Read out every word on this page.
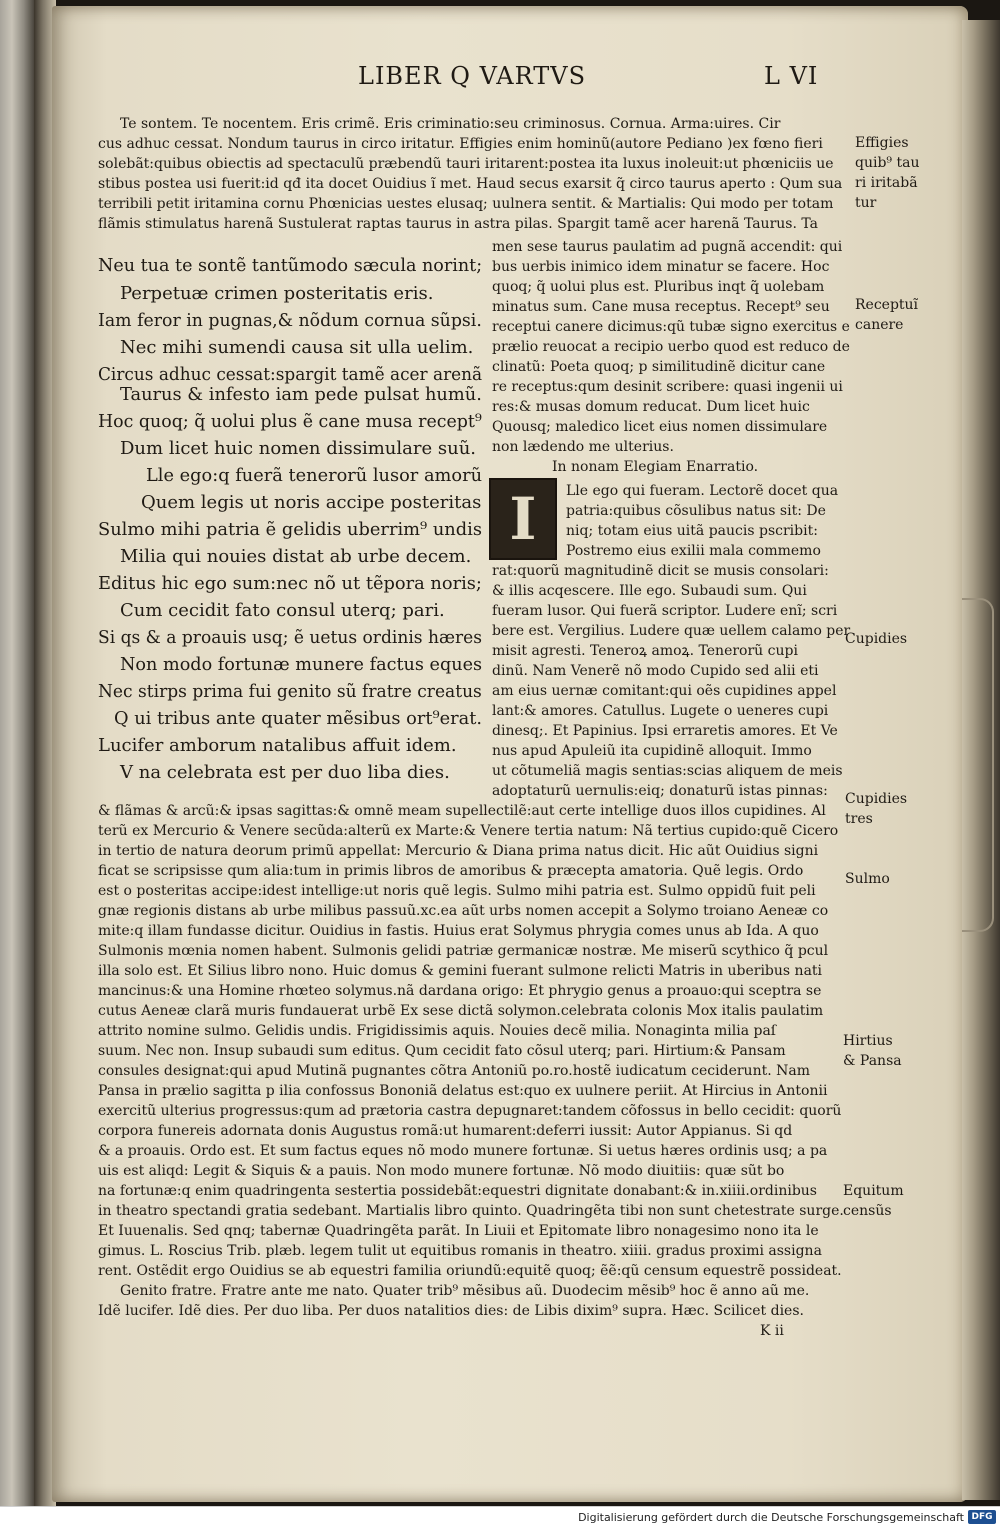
LIBER Q VARTVS	L VI
Te sontem. Te nocentem. Eris crimẽ. Eris criminatio:seu criminosus. Cornua. Arma:uires. Cir
cus adhuc cessat. Nondum taurus in circo iritatur. Effigies enim hominũ(autore Pediano )ex fœno fieri
solebãt:quibus obiectis ad spectaculũ præbendũ tauri iritarent:postea ita luxus inoleuit:ut phœniciis ue
stibus postea usi fuerit:id qđ ita docet Ouidius ĩ met. Haud secus exarsit q̃ circo taurus aperto : Qum sua
terribili petit iritamina cornu Phœnicias uestes elusaq; uulnera sentit. & Martialis: Qui modo per totam
flãmis stimulatus harenã Sustulerat raptas taurus in astra pilas. Spargit tamẽ acer harenã Taurus. Ta
Neu tua te sontẽ tantũmodo sæcula norint;
Perpetuæ crimen posteritatis eris.
Iam feror in pugnas,& nõdum cornua sũpsi.
Nec mihi sumendi causa sit ulla uelim.
Circus adhuc cessat:spargit tamẽ acer arenã
Taurus & infesto iam pede pulsat humũ.
Hoc quoq; q̃ uolui plus ẽ cane musa recept⁹
Dum licet huic nomen dissimulare suũ.
Lle ego:q fuerã tenerorũ lusor amorũ
Quem legis ut noris accipe posteritas
Sulmo mihi patria ẽ gelidis uberrim⁹ undis
Milia qui nouies distat ab urbe decem.
Editus hic ego sum:nec nõ ut tẽpora noris;
Cum cecidit fato consul uterq; pari.
Si qs & a proauis usq; ẽ uetus ordinis hæres
Non modo fortunæ munere factus eques
Nec stirps prima fui genito sũ fratre creatus
Q ui tribus ante quater mẽsibus ort⁹erat.
Lucifer amborum natalibus affuit idem.
V na celebrata est per duo liba dies.
men sese taurus paulatim ad pugnã accendit: qui
bus uerbis inimico idem minatur se facere. Hoc
quoq; q̃ uolui plus est. Pluribus inqt q̃ uolebam
minatus sum. Cane musa receptus. Recept⁹ seu
receptui canere dicimus:qũ tubæ signo exercitus e
prælio reuocat a recipio uerbo quod est reduco de
clinatũ: Poeta quoq; p similitudinẽ dicitur cane
re receptus:qum desinit scribere: quasi ingenii ui
res:& musas domum reducat. Dum licet huic
Quousq; maledico licet eius nomen dissimulare
non lædendo me ulterius.
In nonam Elegiam Enarratio.
I	Lle ego qui fueram. Lectorẽ docet qua
patria:quibus cõsulibus natus sit: De
niq; totam eius uitã paucis pscribit:
Postremo eius exilii mala commemo
rat:quorũ magnitudinẽ dicit se musis consolari:
& illis acqescere. Ille ego. Subaudi sum. Qui
fueram lusor. Qui fuerã scriptor. Ludere enĩ; scri
bere est. Vergilius. Ludere quæ uellem calamo per
misit agresti. Teneroꝝ amoꝝ. Tenerorũ cupi
dinũ. Nam Venerẽ nõ modo Cupido sed alii eti
am eius uernæ comitant:qui oẽs cupidines appel
lant:& amores. Catullus. Lugete o ueneres cupi
dinesq;. Et Papinius. Ipsi erraretis amores. Et Ve
nus apud Apuleiũ ita cupidinẽ alloquit. Immo
ut cõtumeliã magis sentias:scias aliquem de meis
adoptaturũ uernulis:eiq; donaturũ istas pinnas:
& flãmas & arcũ:& ipsas sagittas:& omnẽ meam supellectilẽ:aut certe intellige duos illos cupidines. Al
terũ ex Mercurio & Venere secũda:alterũ ex Marte:& Venere tertia natum: Nã tertius cupido:quẽ Cicero
in tertio de natura deorum primũ appellat: Mercurio & Diana prima natus dicit. Hic aũt Ouidius signi
ficat se scripsisse qum alia:tum in primis libros de amoribus & præcepta amatoria. Quẽ legis. Ordo
est o posteritas accipe:idest intellige:ut noris quẽ legis. Sulmo mihi patria est. Sulmo oppidũ fuit peli
gnæ regionis distans ab urbe milibus passuũ.xc.ea aũt urbs nomen accepit a Solymo troiano Aeneæ co
mite:q illam fundasse dicitur. Ouidius in fastis. Huius erat Solymus phrygia comes unus ab Ida. A quo
Sulmonis mœnia nomen habent. Sulmonis gelidi patriæ germanicæ nostræ. Me miserũ scythico q̃ pcul
illa solo est. Et Silius libro nono. Huic domus & gemini fuerant sulmone relicti Matris in uberibus nati
mancinus:& una Homine rhœteo solymus.nã dardana origo: Et phrygio genus a proauo:qui sceptra se
cutus Aeneæ clarã muris fundauerat urbẽ Ex sese dictã solymon.celebrata colonis Mox italis paulatim
attrito nomine sulmo. Gelidis undis. Frigidissimis aquis. Nouies decẽ milia. Nonaginta milia paſ
suum. Nec non. Insup subaudi sum editus. Qum cecidit fato cõsul uterq; pari. Hirtium:& Pansam
consules designat:qui apud Mutinã pugnantes cõtra Antoniũ po.ro.hostẽ iudicatum ceciderunt. Nam
Pansa in prælio sagitta p ilia confossus Bononiã delatus est:quo ex uulnere periit. At Hircius in Antonii
exercitũ ulterius progressus:qum ad prætoria castra depugnaret:tandem cõfossus in bello cecidit: quorũ
corpora funereis adornata donis Augustus romã:ut humarent:deferri iussit: Autor Appianus. Si qd
& a proauis. Ordo est. Et sum factus eques nõ modo munere fortunæ. Si uetus hæres ordinis usq; a pa
uis est aliqd: Legit & Siquis & a pauis. Non modo munere fortunæ. Nõ modo diuitiis: quæ sũt bo
na fortunæ:q enim quadringenta sestertia possidebãt:equestri dignitate donabant:& in.xiiii.ordinibus
in theatro spectandi gratia sedebant. Martialis libro quinto. Quadringẽta tibi non sunt chetestrate surge.
Et Iuuenalis. Sed qnq; tabernæ Quadringẽta parãt. In Liuii et Epitomate libro nonagesimo nono ita le
gimus. L. Roscius Trib. plæb. legem tulit ut equitibus romanis in theatro. xiiii. gradus proximi assigna
rent. Ostẽdit ergo Ouidius se ab equestri familia oriundũ:equitẽ quoq; ẽẽ:qũ censum equestrẽ possideat.
Genito fratre. Fratre ante me nato. Quater trib⁹ mẽsibus aũ. Duodecim mẽsib⁹ hoc ẽ anno aũ me.
Idẽ lucifer. Idẽ dies. Per duo liba. Per duos natalitios dies: de Libis dixim⁹ supra. Hæc. Scilicet dies.
K ii
Effigies
quib⁹ tau
ri iritabã
tur
Receptuĩ
canere
Cupidies
Cupidies
tres
Sulmo
Hirtius
& Pansa
Equitum
censũs
Digitalisierung gefördert durch die Deutsche Forschungsgemeinschaft DFG
